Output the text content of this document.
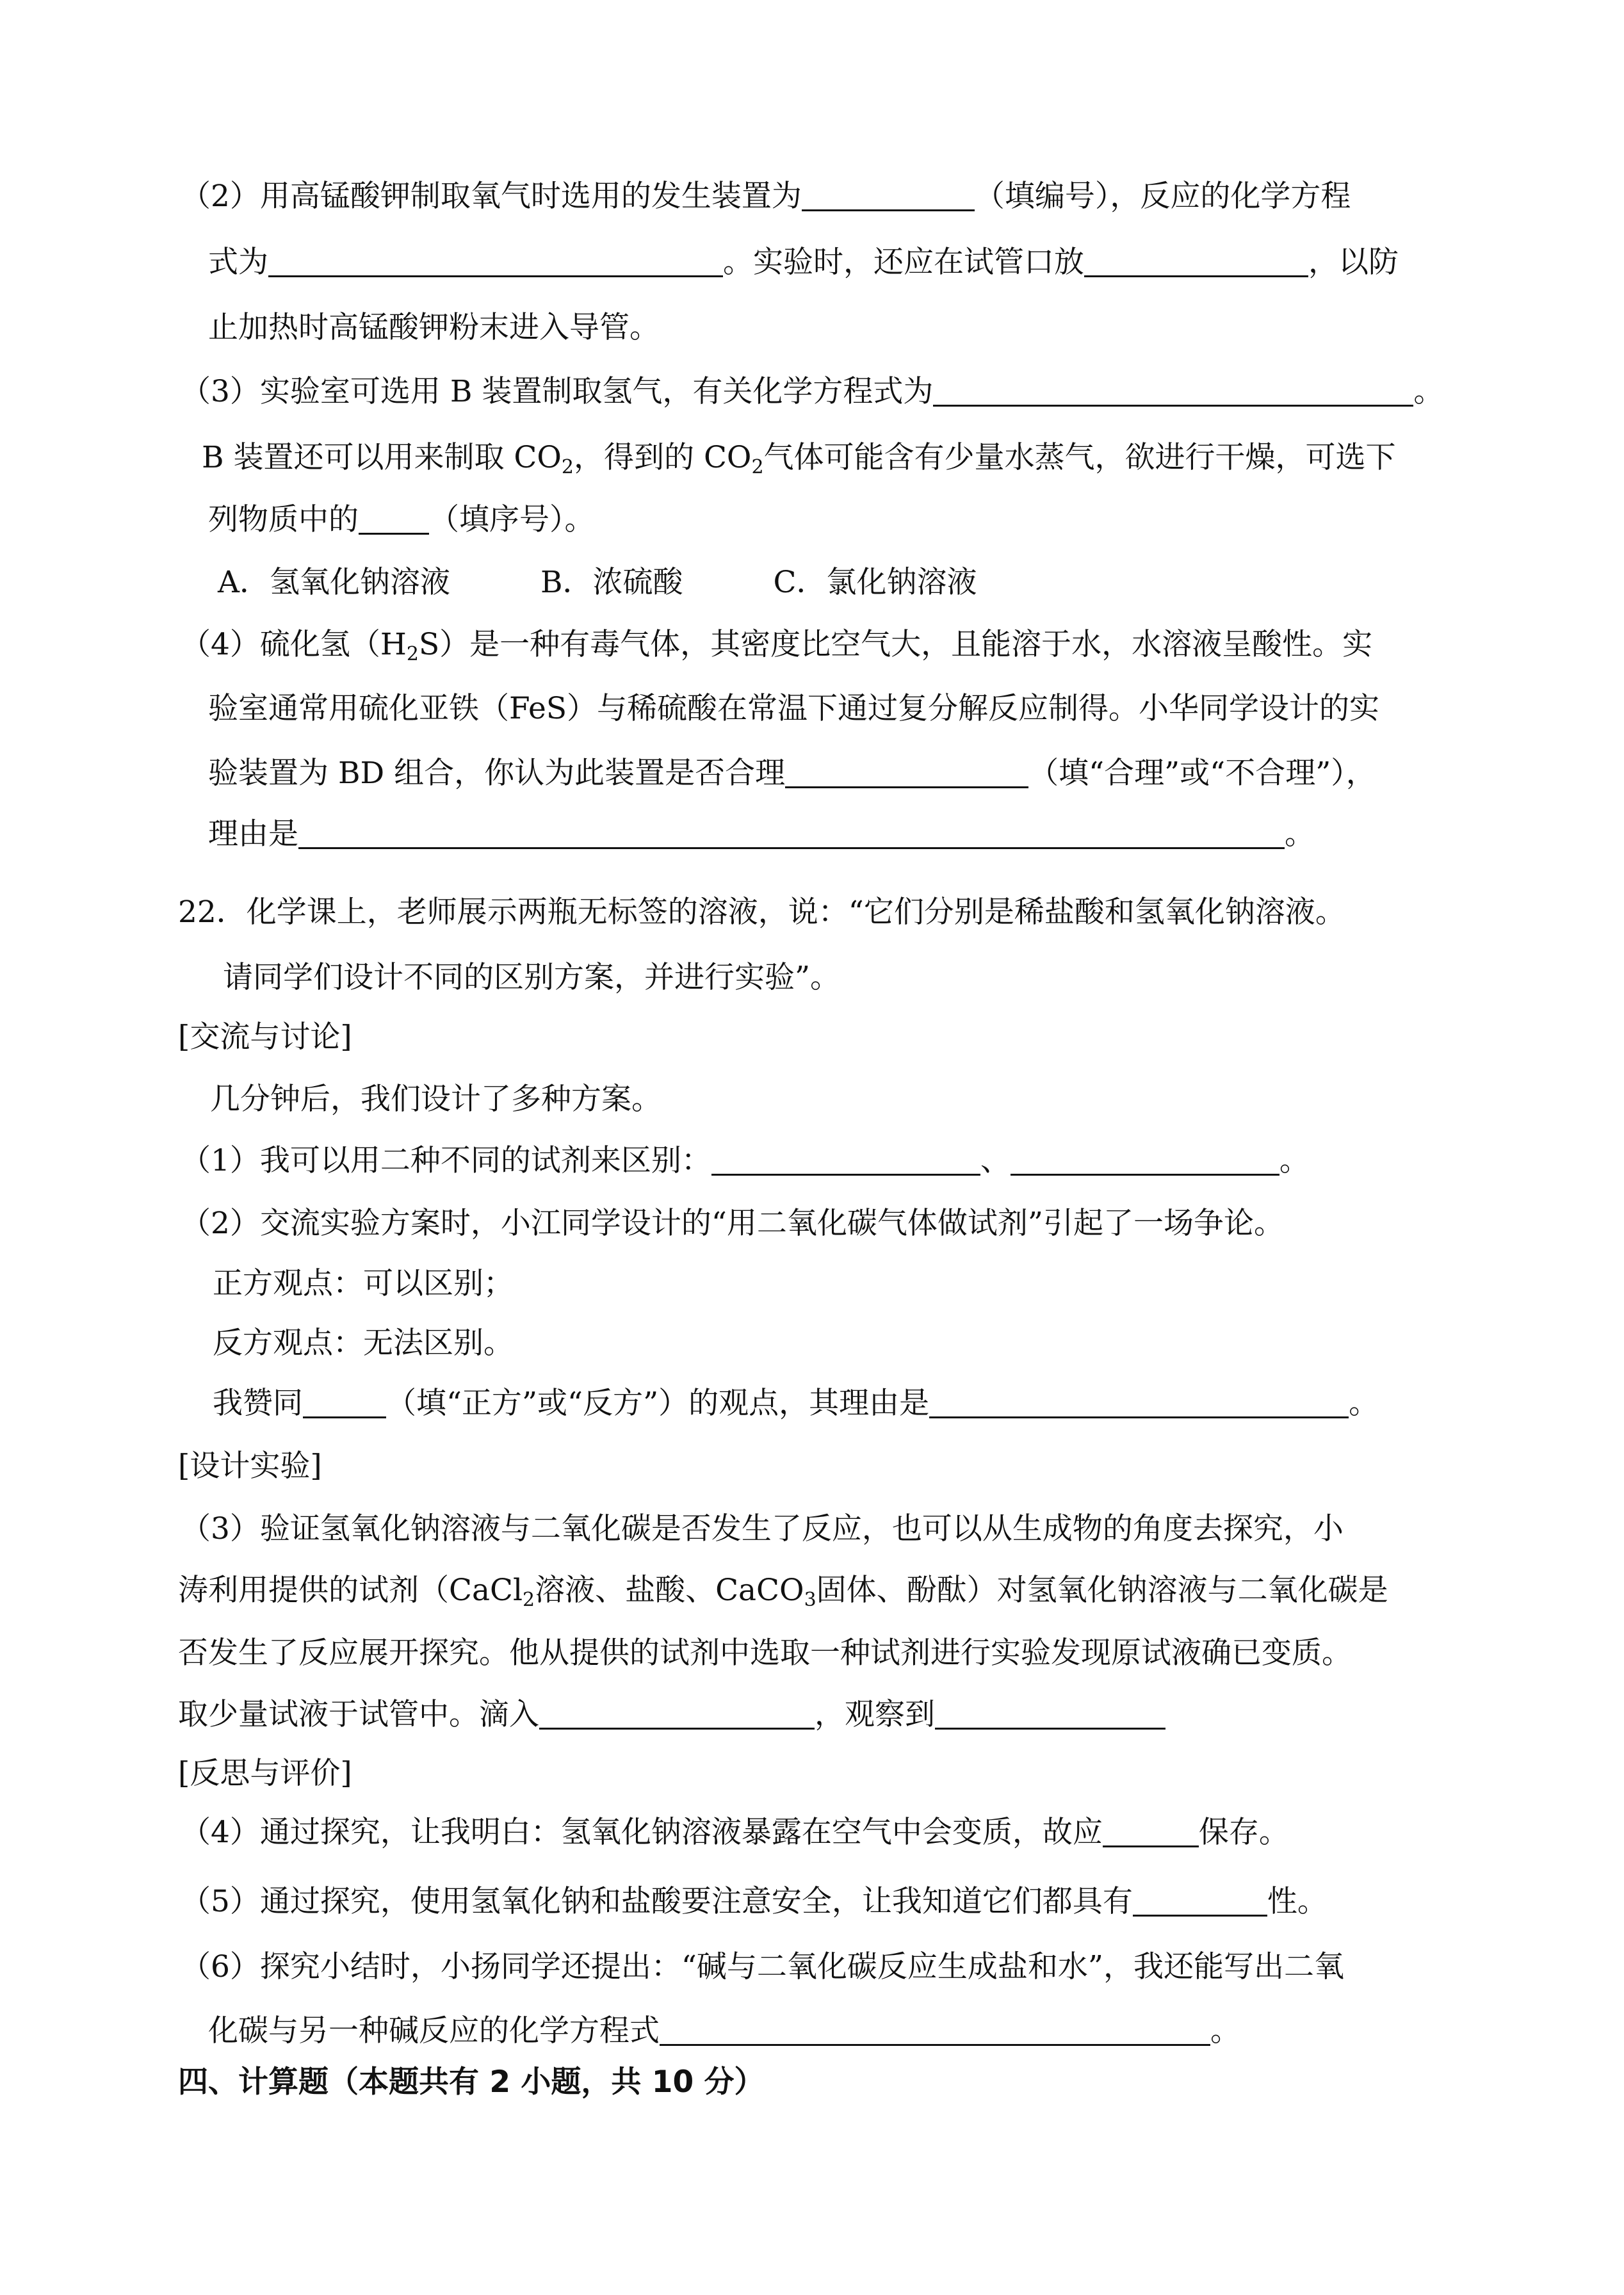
（2）用高锰酸钾制取氧气时选用的发生装置为	（填编号），反应的化学方程
式为	。实验时，还应在试管口放	，以防
止加热时高锰酸钾粉末进入导管。
（3）实验室可选用 B 装置制取氢气，有关化学方程式为	。
B 装置还可以用来制取 $CO_2$，得到的 $CO_2$气体可能含有少量水蒸气，欲进行干燥，可选下
列物质中的 （填序号）。
A．氢氧化钠溶液　　　B．浓硫酸　　　C．氯化钠溶液
（4）硫化氢$(H_2S)$是一种有毒气体，其密度比空气大，且能溶于水，水溶液呈酸性。实
验室通常用硫化亚铁（FeS）与稀硫酸在常温下通过复分解反应制得。小华同学设计的实
验装置为 BD 组合，你认为此装置是否合理	（填“合理”或“不合理”），
理由是	。
22．化学课上，老师展示两瓶无标签的溶液，说：“它们分别是稀盐酸和氢氧化钠溶液。
请同学们设计不同的区别方案，并进行实验”。
[交流与讨论]
几分钟后，我们设计了多种方案。
（1）我可以用二种不同的试剂来区别：	、	。
（2）交流实验方案时，小江同学设计的“用二氧化碳气体做试剂”引起了一场争论。
正方观点：可以区别；
反方观点：无法区别。
我赞同	（填“正方”或“反方”）的观点，其理由是	。
[设计实验]
（3）验证氢氧化钠溶液与二氧化碳是否发生了反应，也可以从生成物的角度去探究，小
涛利用提供的试剂（CaCl$_2$溶液、盐酸、CaCO$_3$固体、酚酞）对氢氧化钠溶液与二氧化碳是
否发生了反应展开探究。他从提供的试剂中选取一种试剂进行实验发现原试液确已变质。
取少量试液于试管中。滴入	，观察到
[反思与评价]
（4）通过探究，让我明白：氢氧化钠溶液暴露在空气中会变质，故应	保存。
（5）通过探究，使用氢氧化钠和盐酸要注意安全，让我知道它们都具有	性。
（6）探究小结时，小扬同学还提出：“碱与二氧化碳反应生成盐和水”，我还能写出二氧
化碳与另一种碱反应的化学方程式	。
四、计算题（本题共有 2 小题，共 10 分）
